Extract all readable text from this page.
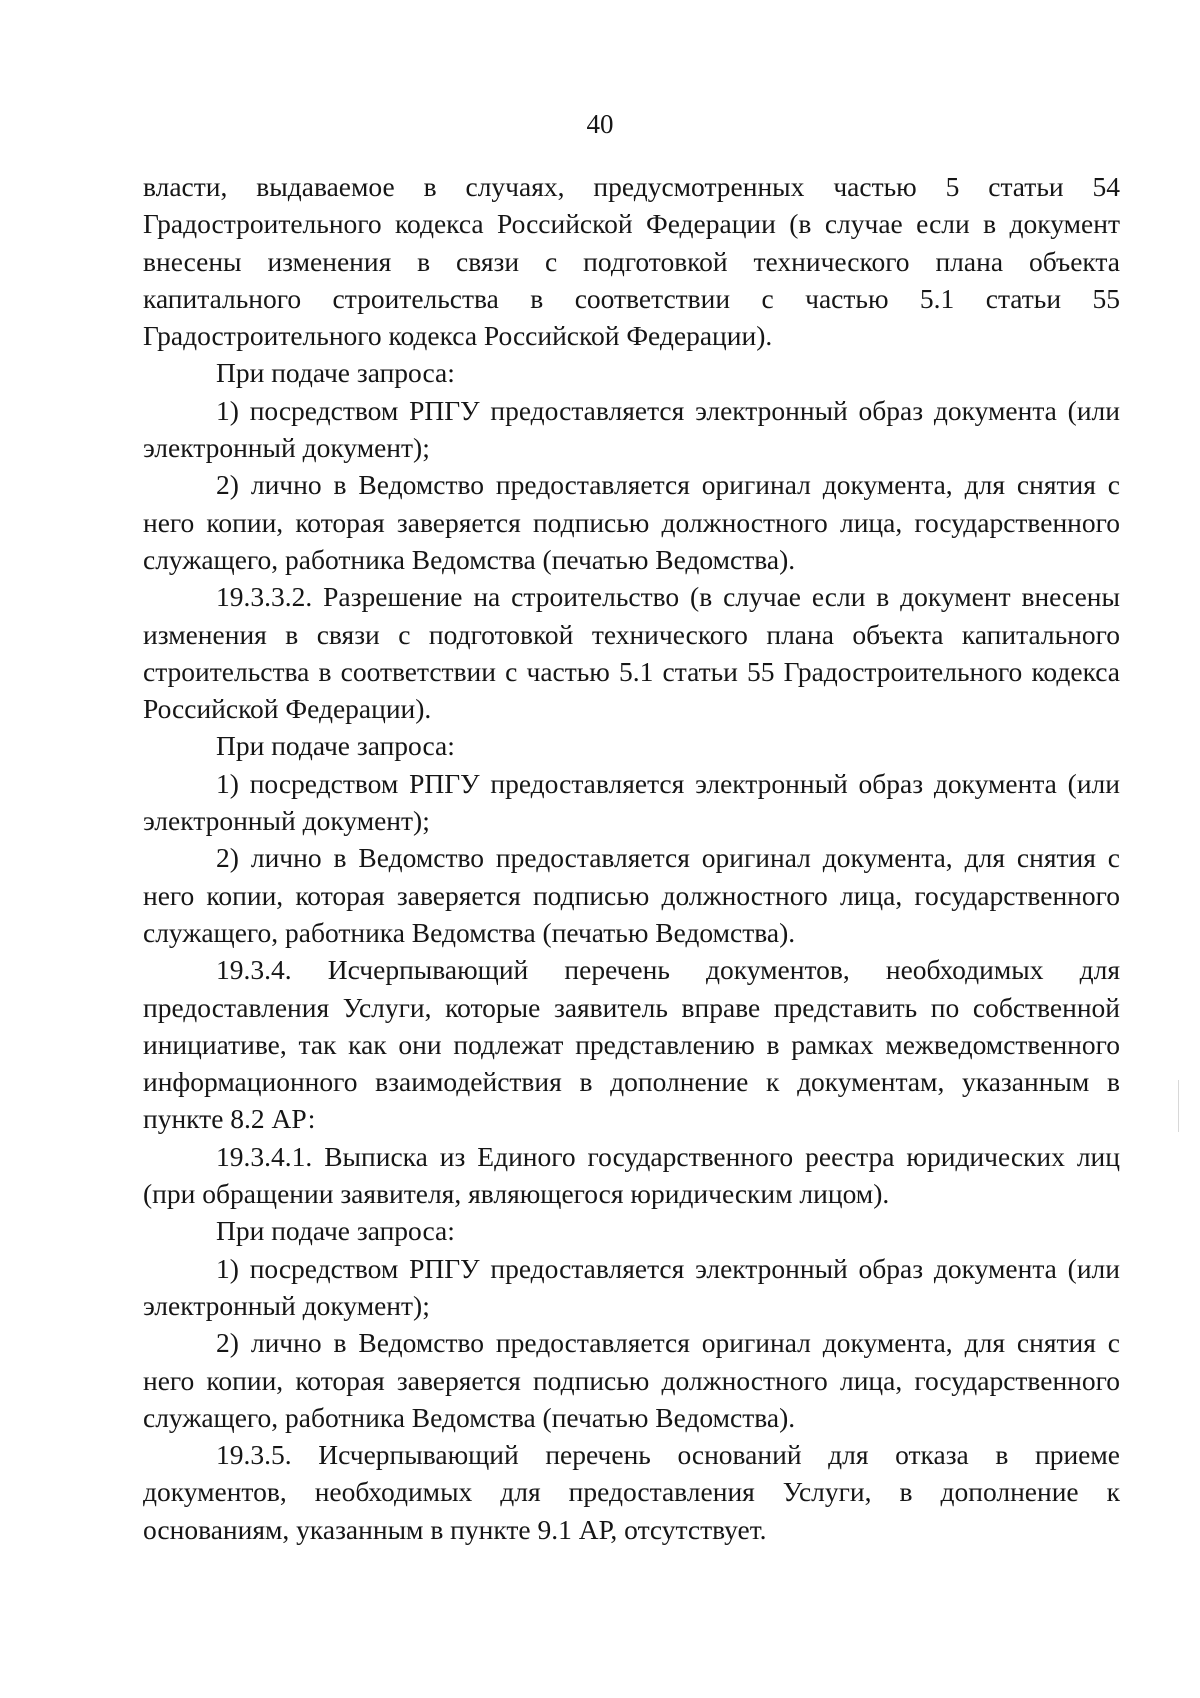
40

власти, выдаваемое в случаях, предусмотренных частью 5 статьи 54 Градостроительного кодекса Российской Федерации (в случае если в документ внесены изменения в связи с подготовкой технического плана объекта капитального строительства в соответствии с частью 5.1 статьи 55 Градостроительного кодекса Российской Федерации).

При подаче запроса:

1) посредством РПГУ предоставляется электронный образ документа (или электронный документ);

2) лично в Ведомство предоставляется оригинал документа, для снятия с него копии, которая заверяется подписью должностного лица, государственного служащего, работника Ведомства (печатью Ведомства).

19.3.3.2. Разрешение на строительство (в случае если в документ внесены изменения в связи с подготовкой технического плана объекта капитального строительства в соответствии с частью 5.1 статьи 55 Градостроительного кодекса Российской Федерации).

При подаче запроса:

1) посредством РПГУ предоставляется электронный образ документа (или электронный документ);

2) лично в Ведомство предоставляется оригинал документа, для снятия с него копии, которая заверяется подписью должностного лица, государственного служащего, работника Ведомства (печатью Ведомства).

19.3.4. Исчерпывающий перечень документов, необходимых для предоставления Услуги, которые заявитель вправе представить по собственной инициативе, так как они подлежат представлению в рамках межведомственного информационного взаимодействия в дополнение к документам, указанным в пункте 8.2 АР:

19.3.4.1. Выписка из Единого государственного реестра юридических лиц (при обращении заявителя, являющегося юридическим лицом).

При подаче запроса:

1) посредством РПГУ предоставляется электронный образ документа (или электронный документ);

2) лично в Ведомство предоставляется оригинал документа, для снятия с него копии, которая заверяется подписью должностного лица, государственного служащего, работника Ведомства (печатью Ведомства).

19.3.5. Исчерпывающий перечень оснований для отказа в приеме документов, необходимых для предоставления Услуги, в дополнение к основаниям, указанным в пункте 9.1 АР, отсутствует.
